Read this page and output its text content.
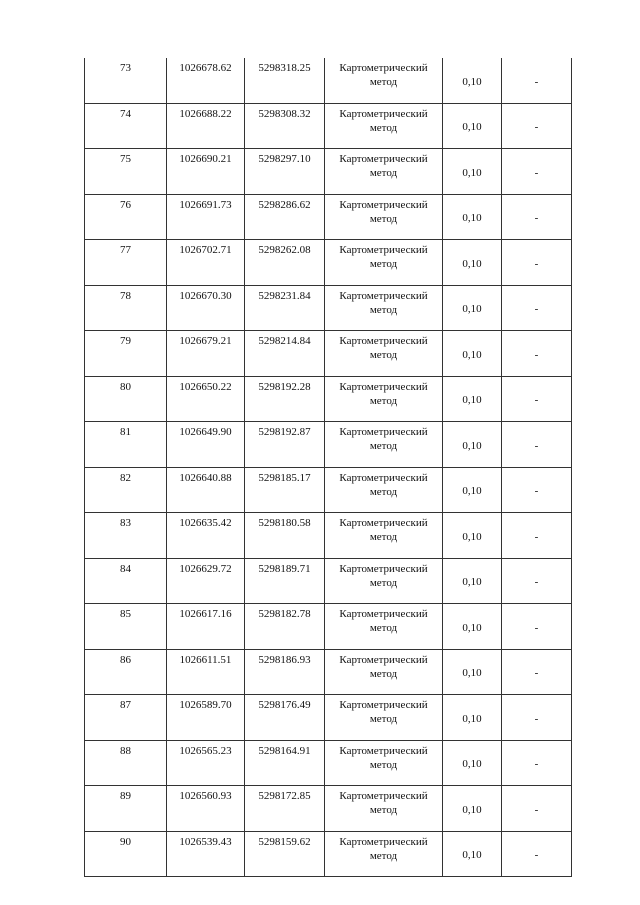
73	1026678.62	5298318.25	Картометрический
метод	0,10	-
74	1026688.22	5298308.32	Картометрический
метод	0,10	-
75	1026690.21	5298297.10	Картометрический
метод	0,10	-
76	1026691.73	5298286.62	Картометрический
метод	0,10	-
77	1026702.71	5298262.08	Картометрический
метод	0,10	-
78	1026670.30	5298231.84	Картометрический
метод	0,10	-
79	1026679.21	5298214.84	Картометрический
метод	0,10	-
80	1026650.22	5298192.28	Картометрический
метод	0,10	-
81	1026649.90	5298192.87	Картометрический
метод	0,10	-
82	1026640.88	5298185.17	Картометрический
метод	0,10	-
83	1026635.42	5298180.58	Картометрический
метод	0,10	-
84	1026629.72	5298189.71	Картометрический
метод	0,10	-
85	1026617.16	5298182.78	Картометрический
метод	0,10	-
86	1026611.51	5298186.93	Картометрический
метод	0,10	-
87	1026589.70	5298176.49	Картометрический
метод	0,10	-
88	1026565.23	5298164.91	Картометрический
метод	0,10	-
89	1026560.93	5298172.85	Картометрический
метод	0,10	-
90	1026539.43	5298159.62	Картометрический
метод	0,10	-
